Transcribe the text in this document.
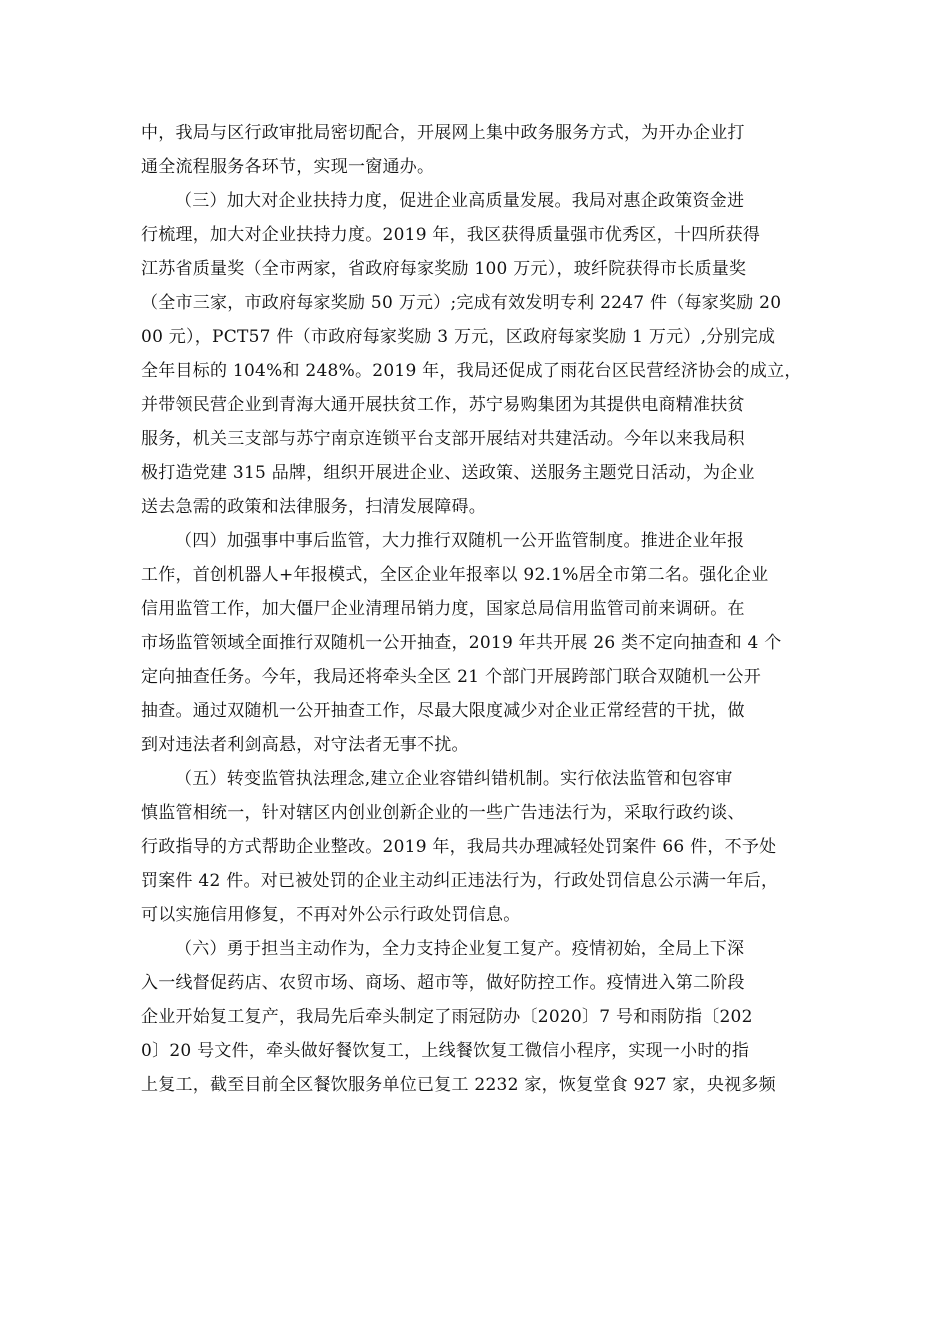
中，我局与区行政审批局密切配合，开展网上集中政务服务方式，为开办企业打
通全流程服务各环节，实现一窗通办。
（三）加大对企业扶持力度，促进企业高质量发展。我局对惠企政策资金进
行梳理，加大对企业扶持力度。2019 年，我区获得质量强市优秀区，十四所获得
江苏省质量奖（全市两家，省政府每家奖励 100 万元），玻纤院获得市长质量奖
（全市三家，市政府每家奖励 50 万元）;完成有效发明专利 2247 件（每家奖励 20
00 元），PCT57 件（市政府每家奖励 3 万元，区政府每家奖励 1 万元）,分别完成
全年目标的 104%和 248%。2019 年，我局还促成了雨花台区民营经济协会的成立，
并带领民营企业到青海大通开展扶贫工作，苏宁易购集团为其提供电商精准扶贫
服务，机关三支部与苏宁南京连锁平台支部开展结对共建活动。今年以来我局积
极打造党建 315 品牌，组织开展进企业、送政策、送服务主题党日活动，为企业
送去急需的政策和法律服务，扫清发展障碍。
（四）加强事中事后监管，大力推行双随机一公开监管制度。推进企业年报
工作，首创机器人+年报模式，全区企业年报率以 92.1%居全市第二名。强化企业
信用监管工作，加大僵尸企业清理吊销力度，国家总局信用监管司前来调研。在
市场监管领域全面推行双随机一公开抽查，2019 年共开展 26 类不定向抽查和 4 个
定向抽查任务。今年，我局还将牵头全区 21 个部门开展跨部门联合双随机一公开
抽查。通过双随机一公开抽查工作，尽最大限度减少对企业正常经营的干扰，做
到对违法者利剑高悬，对守法者无事不扰。
（五）转变监管执法理念,建立企业容错纠错机制。实行依法监管和包容审
慎监管相统一，针对辖区内创业创新企业的一些广告违法行为，采取行政约谈、
行政指导的方式帮助企业整改。2019 年，我局共办理减轻处罚案件 66 件，不予处
罚案件 42 件。对已被处罚的企业主动纠正违法行为，行政处罚信息公示满一年后，
可以实施信用修复，不再对外公示行政处罚信息。
（六）勇于担当主动作为，全力支持企业复工复产。疫情初始，全局上下深
入一线督促药店、农贸市场、商场、超市等，做好防控工作。疫情进入第二阶段
企业开始复工复产，我局先后牵头制定了雨冠防办〔2020〕7 号和雨防指〔202
0〕20 号文件，牵头做好餐饮复工，上线餐饮复工微信小程序，实现一小时的指
上复工，截至目前全区餐饮服务单位已复工 2232 家，恢复堂食 927 家，央视多频
